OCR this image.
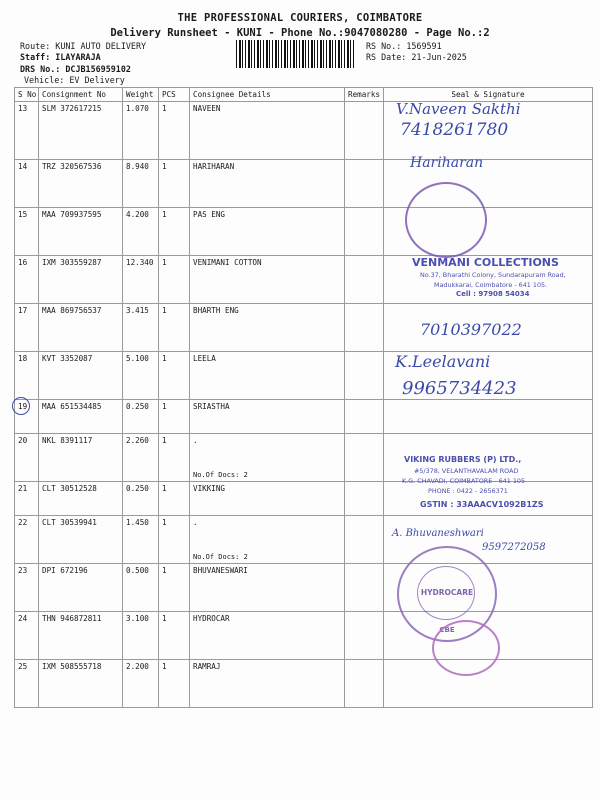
THE PROFESSIONAL COURIERS, COIMBATORE
Delivery Runsheet - KUNI - Phone No.:9047080280 - Page No.:2
Route: KUNI AUTO DELIVERY
Staff: ILAYARAJA
DRS No.: DCJB156959102
Vehicle: EV Delivery
RS No.: 1569591
RS Date: 21-Jun-2025
S No	Consignment No	Weight	PCS	Consignee Details	Remarks	Seal & Signature
13	SLM 372617215	1.070	1	NAVEEN		
14	TRZ 320567536	8.940	1	HARIHARAN		
15	MAA 709937595	4.200	1	PAS ENG		
16	IXM 303559287	12.340	1	VENIMANI COTTON		
17	MAA 869756537	3.415	1	BHARTH ENG		
18	KVT 3352087	5.100	1	LEELA		
19	MAA 651534485	0.250	1	SRIASTHA		
20	NKL 8391117	2.260	1	.
No.Of Docs: 2		

21	CLT 30512528	0.250	1	VIKKING		
22	CLT 30539941	1.450	1	.
No.Of Docs: 2		

23	DPI 672196	0.500	1	BHUVANESWARI		
24	THN 946872811	3.100	1	HYDROCAR		
25	IXM 508555718	2.200	1	RAMRAJ		
V.Naveen Sakthi
7418261780
Hariharan
7010397022
K.Leelavani
9965734423
A. Bhuvaneshwari
9597272058
VENMANI COLLECTIONS
No.37, Bharathi Colony, Sundarapuram Road,
Madukkarai, Coimbatore - 641 105.
Cell : 97908 54034
VIKING RUBBERS (P) LTD.,
#5/378, VELANTHAVALAM ROAD
K.G. CHAVADI, COIMBATORE - 641 105
PHONE : 0422 - 2656371
GSTIN : 33AAACV1092B1ZS
HYDROCARE
CBE
